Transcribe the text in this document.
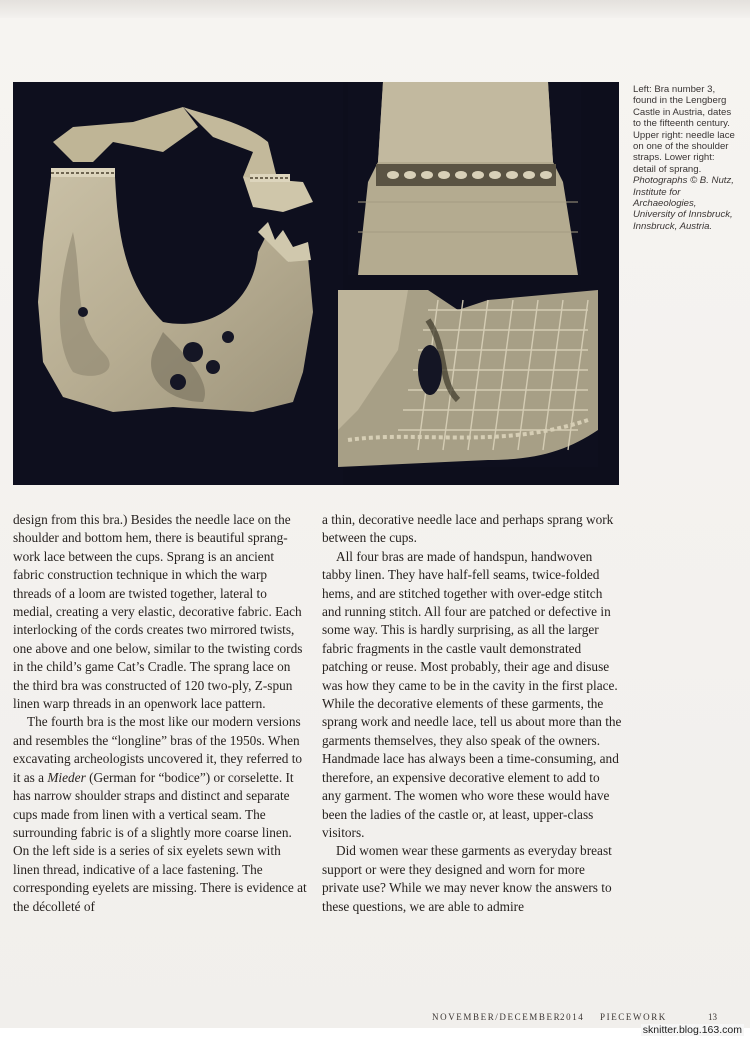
Left: Bra number 3, found in the Lengberg Castle in Austria, dates to the fifteenth century. Upper right: needle lace on one of the shoulder straps. Lower right: detail of sprang.

Photographs © B. Nutz, Institute for Archaeologies, University of Innsbruck, Innsbruck, Austria.

design from this bra.) Besides the needle lace on the shoulder and bottom hem, there is beautiful sprang-work lace between the cups. Sprang is an ancient fabric construction technique in which the warp threads of a loom are twisted together, lateral to medial, creating a very elastic, decorative fabric. Each interlocking of the cords creates two mirrored twists, one above and one below, similar to the twisting cords in the child’s game Cat’s Cradle. The sprang lace on the third bra was constructed of 120 two-ply, Z-spun linen warp threads in an openwork lace pattern.

The fourth bra is the most like our modern versions and resembles the “longline” bras of the 1950s. When excavating archeologists uncovered it, they referred to it as a Mieder (German for “bodice”) or corselette. It has narrow shoulder straps and distinct and separate cups made from linen with a vertical seam. The surrounding fabric is of a slightly more coarse linen. On the left side is a series of six eyelets sewn with linen thread, indicative of a lace fastening. The corresponding eyelets are missing. There is evidence at the décolleté of

a thin, decorative needle lace and perhaps sprang work between the cups.

All four bras are made of handspun, handwoven tabby linen. They have half-fell seams, twice-folded hems, and are stitched together with over-edge stitch and running stitch. All four are patched or defective in some way. This is hardly surprising, as all the larger fabric fragments in the castle vault demonstrated patching or reuse. Most probably, their age and disuse was how they came to be in the cavity in the first place. While the decorative elements of these garments, the sprang work and needle lace, tell us about more than the garments themselves, they also speak of the owners. Handmade lace has always been a time-consuming, and therefore, an expensive decorative element to add to any garment. The women who wore these would have been the ladies of the castle or, at least, upper-class visitors.

Did women wear these garments as everyday breast support or were they designed and worn for more private use? While we may never know the answers to these questions, we are able to admire

NOVEMBER/DECEMBER
2014 PIECEWORK	13
sknitter.blog.163.com
